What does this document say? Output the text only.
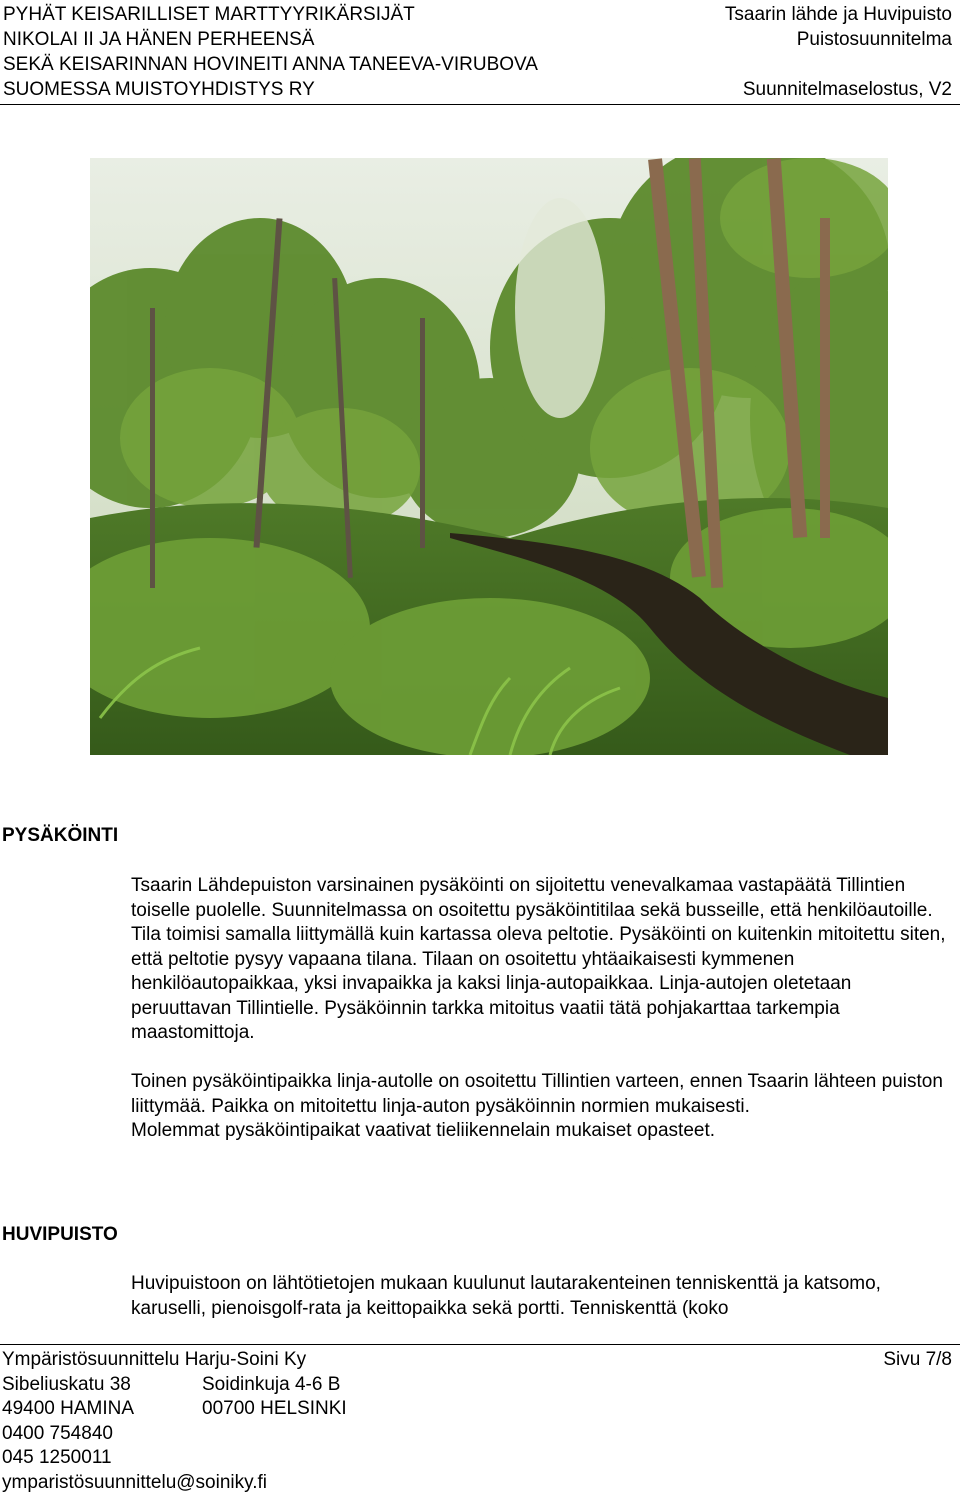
PYHÄT KEISARILLISET MARTTYYRIKÄRSIJÄT
NIKOLAI II JA HÄNEN PERHEENSÄ
SEKÄ KEISARINNAN HOVINEITI ANNA TANEEVA-VIRUBOVA
SUOMESSA MUISTOYHDISTYS RY
Tsaarin lähde ja Huvipuisto
Puistosuunnitelma
Suunnitelmaselostus, V2
PYSÄKÖINTI

Tsaarin Lähdepuiston varsinainen pysäköinti on sijoitettu venevalkamaa vastapäätä Tillintien toiselle puolelle. Suunnitelmassa on osoitettu pysäköintitilaa sekä busseille, että henkilöautoille. Tila toimisi samalla liittymällä kuin kartassa oleva peltotie. Pysäköinti on kuitenkin mitoitettu siten, että peltotie pysyy vapaana tilana. Tilaan on osoitettu yhtäaikaisesti kymmenen henkilöautopaikkaa, yksi invapaikka ja kaksi linja-autopaikkaa. Linja-autojen oletetaan peruuttavan Tillintielle. Pysäköinnin tarkka mitoitus vaatii tätä pohjakarttaa tarkempia maastomittoja.

Toinen pysäköintipaikka linja-autolle on osoitettu Tillintien varteen, ennen Tsaarin lähteen puiston liittymää. Paikka on mitoitettu linja-auton pysäköinnin normien mukaisesti.

Molemmat pysäköintipaikat vaativat tieliikennelain mukaiset opasteet.

HUVIPUISTO

Huvipuistoon on lähtötietojen mukaan kuulunut lautarakenteinen tenniskenttä ja katsomo, karuselli, pienoisgolf-rata ja keittopaikka sekä portti. Tenniskenttä (koko

Ympäristösuunnittelu Harju-Soini Ky	Sivu 7/8
Sibeliuskatu 38	Soidinkuja 4-6 B
49400 HAMINA	00700 HELSINKI
0400 754840
045 1250011
ymparistösuunnittelu@soiniky.fi
